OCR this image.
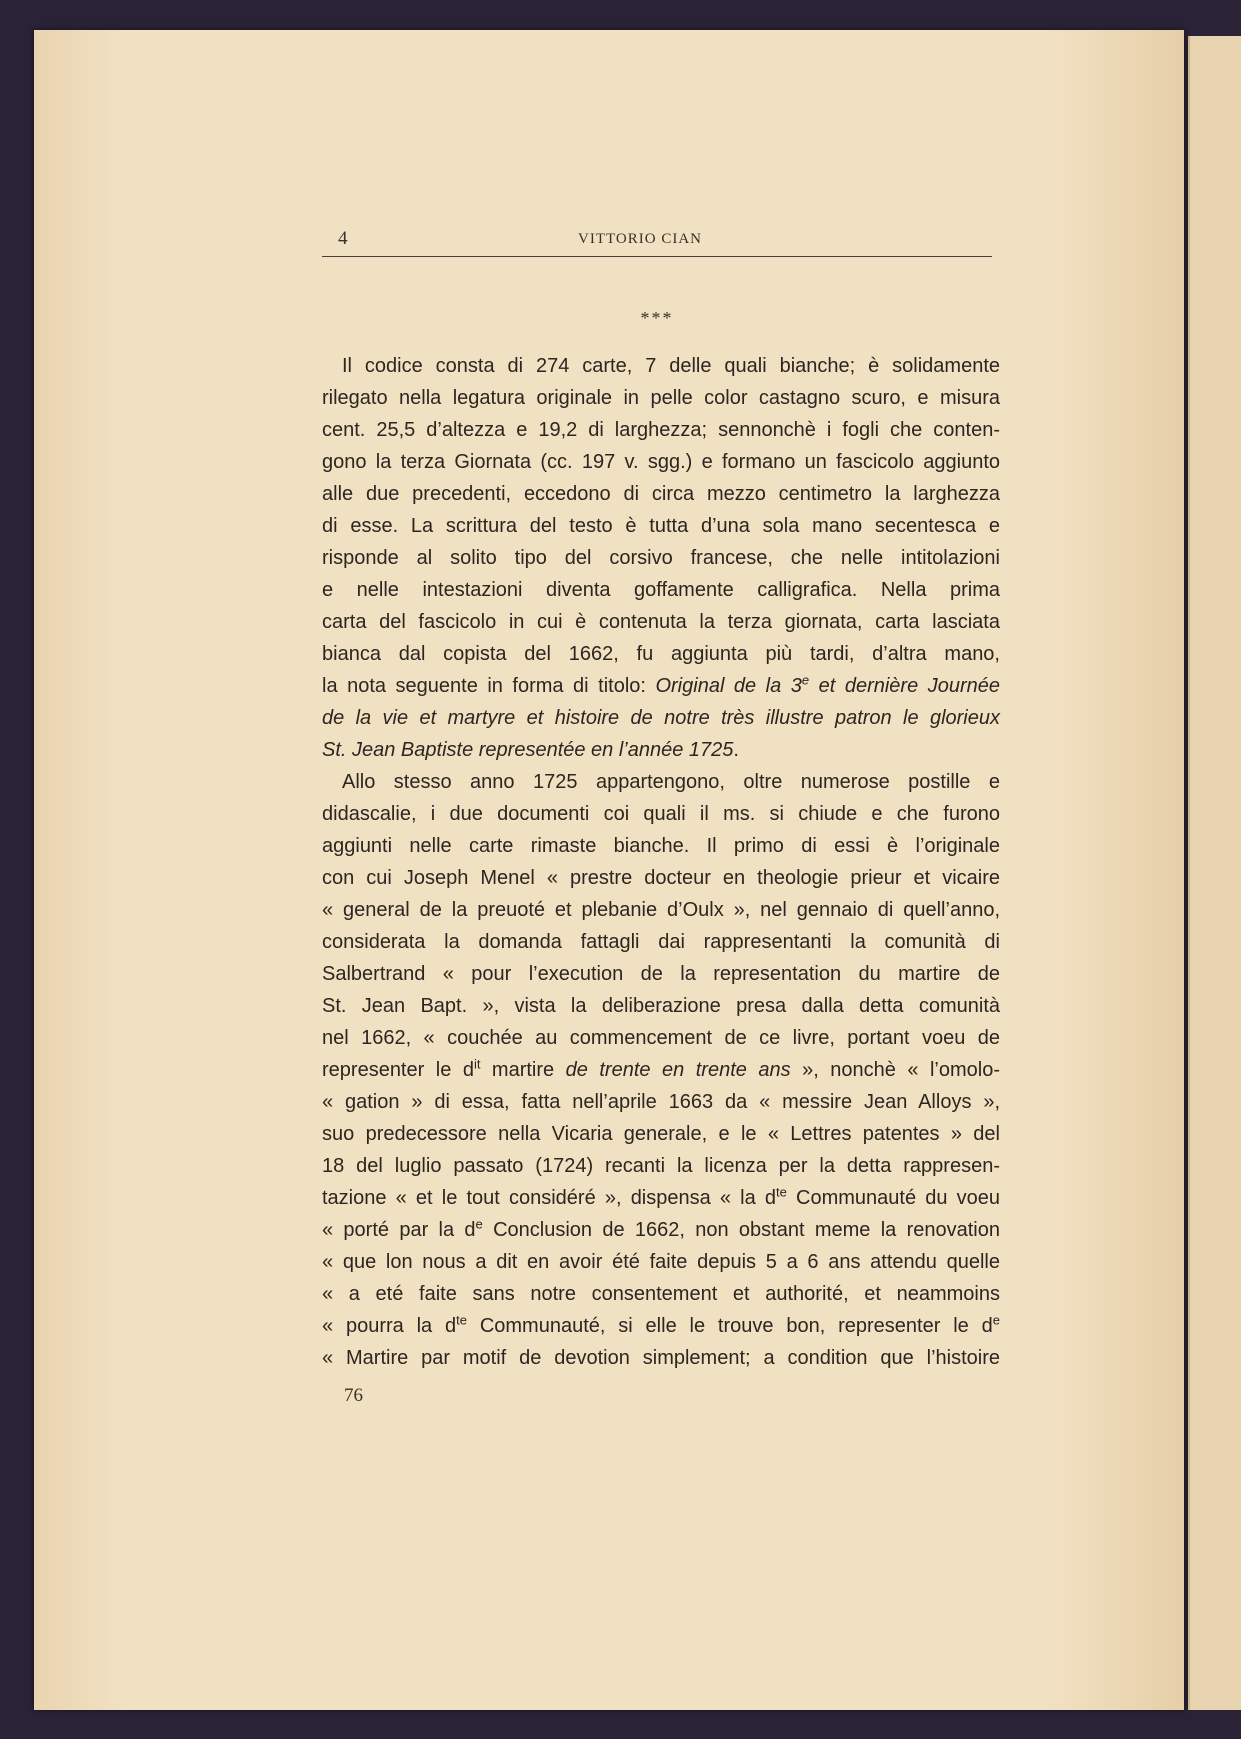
4	VITTORIO CIAN
***
Il codice consta di 274 carte, 7 delle quali bianche; è solidamente
rilegato nella legatura originale in pelle color castagno scuro, e misura
cent. 25,5 d’altezza e 19,2 di larghezza; sennonchè i fogli che conten-
gono la terza Giornata (cc. 197 v. sgg.) e formano un fascicolo aggiunto
alle due precedenti, eccedono di circa mezzo centimetro la larghezza
di esse. La scrittura del testo è tutta d’una sola mano secentesca e
risponde al solito tipo del corsivo francese, che nelle intitolazioni
e nelle intestazioni diventa goffamente calligrafica. Nella prima
carta del fascicolo in cui è contenuta la terza giornata, carta lasciata
bianca dal copista del 1662, fu aggiunta più tardi, d’altra mano,
la nota seguente in forma di titolo: Original de la 3e et dernière Journée
de la vie et martyre et histoire de notre très illustre patron le glorieux
St. Jean Baptiste representée en l’année 1725.
Allo stesso anno 1725 appartengono, oltre numerose postille e
didascalie, i due documenti coi quali il ms. si chiude e che furono
aggiunti nelle carte rimaste bianche. Il primo di essi è l’originale
con cui Joseph Menel « prestre docteur en theologie prieur et vicaire
« general de la preuoté et plebanie d’Oulx », nel gennaio di quell’anno,
considerata la domanda fattagli dai rappresentanti la comunità di
Salbertrand « pour l’execution de la representation du martire de
St. Jean Bapt. », vista la deliberazione presa dalla detta comunità
nel 1662, « couchée au commencement de ce livre, portant voeu de
representer le $d^{it}$ martire de trente en trente ans », nonchè « l’omolo-
« gation » di essa, fatta nell’aprile 1663 da « messire Jean Alloys »,
suo predecessore nella Vicaria generale, e le « Lettres patentes » del
18 del luglio passato (1724) recanti la licenza per la detta rappresen-
tazione « et le tout considéré », dispensa « la $d^{te}$ Communauté du voeu
« porté par la $d^e$ Conclusion de 1662, non obstant meme la renovation
« que lon nous a dit en avoir été faite depuis 5 a 6 ans attendu quelle
« a eté faite sans notre consentement et authorité, et neammoins
« pourra la $d^{te}$ Communauté, si elle le trouve bon, representer le $d^e$
« Martire par motif de devotion simplement; a condition que l’histoire
76
